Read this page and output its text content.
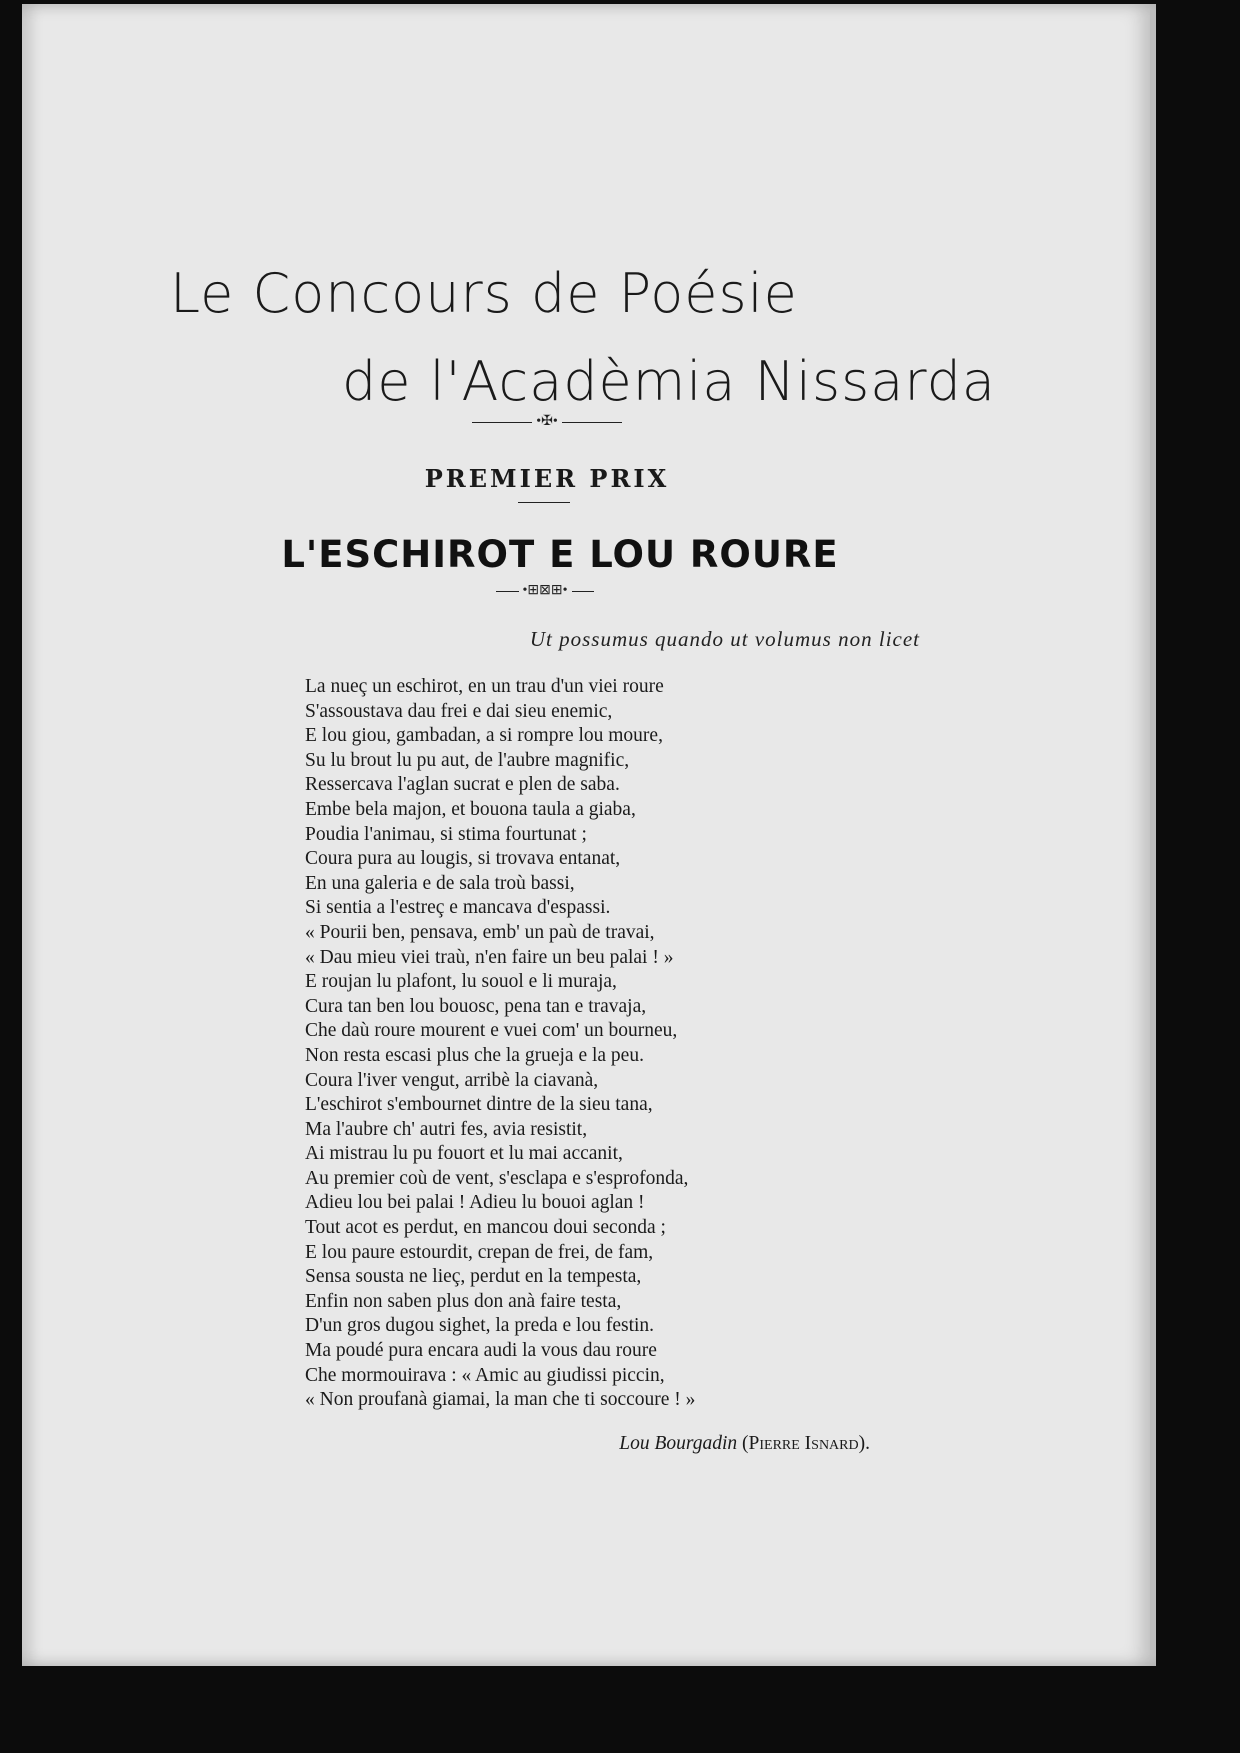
Le Concours de Poésie
de l'Acadèmia Nissarda
•✠•
PREMIER PRIX
L'ESCHIROT E LOU ROURE
•⊞⊠⊞•
Ut possumus quando ut volumus non licet
La nueç un eschirot, en un trau d'un viei roure
S'assoustava dau frei e dai sieu enemic,
E lou giou, gambadan, a si rompre lou moure,
Su lu brout lu pu aut, de l'aubre magnific,
Ressercava l'aglan sucrat e plen de saba.
Embe bela majon, et bouona taula a giaba,
Poudia l'animau, si stima fourtunat ;
Coura pura au lougis, si trovava entanat,
En una galeria e de sala troù bassi,
Si sentia a l'estreç e mancava d'espassi.
« Pourii ben, pensava, emb' un paù de travai,
« Dau mieu viei traù, n'en faire un beu palai ! »
E roujan lu plafont, lu souol e li muraja,
Cura tan ben lou bouosc, pena tan e travaja,
Che daù roure mourent e vuei com' un bourneu,
Non resta escasi plus che la grueja e la peu.
Coura l'iver vengut, arribè la ciavanà,
L'eschirot s'embournet dintre de la sieu tana,
Ma l'aubre ch' autri fes, avia resistit,
Ai mistrau lu pu fouort et lu mai accanit,
Au premier coù de vent, s'esclapa e s'esprofonda,
Adieu lou bei palai ! Adieu lu bouoi aglan !
Tout acot es perdut, en mancou doui seconda ;
E lou paure estourdit, crepan de frei, de fam,
Sensa sousta ne lieç, perdut en la tempesta,
Enfin non saben plus don anà faire testa,
D'un gros dugou sighet, la preda e lou festin.
Ma poudé pura encara audi la vous dau roure
Che mormouirava : « Amic au giudissi piccin,
« Non proufanà giamai, la man che ti soccoure ! »
Lou Bourgadin (Pierre Isnard).
